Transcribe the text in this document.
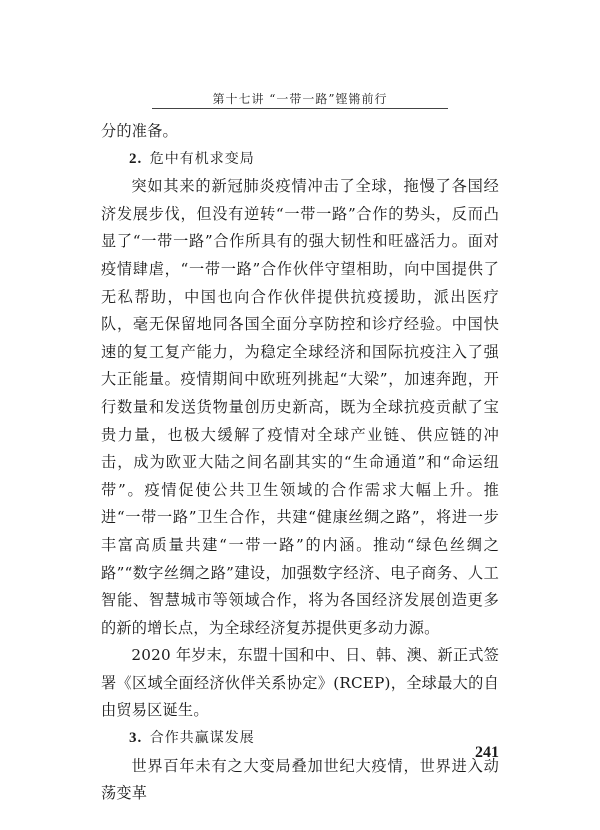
第十七讲 “一带一路”铿锵前行

分的准备。

2. 危中有机求变局

突如其来的新冠肺炎疫情冲击了全球，拖慢了各国经济发展步伐，但没有逆转“一带一路”合作的势头，反而凸显了“一带一路”合作所具有的强大韧性和旺盛活力。面对疫情肆虐，“一带一路”合作伙伴守望相助，向中国提供了无私帮助，中国也向合作伙伴提供抗疫援助，派出医疗队，毫无保留地同各国全面分享防控和诊疗经验。中国快速的复工复产能力，为稳定全球经济和国际抗疫注入了强大正能量。疫情期间中欧班列挑起“大梁”，加速奔跑，开行数量和发送货物量创历史新高，既为全球抗疫贡献了宝贵力量，也极大缓解了疫情对全球产业链、供应链的冲击，成为欧亚大陆之间名副其实的“生命通道”和“命运纽带”。疫情促使公共卫生领域的合作需求大幅上升。推进“一带一路”卫生合作，共建“健康丝绸之路”，将进一步丰富高质量共建“一带一路”的内涵。推动“绿色丝绸之路”“数字丝绸之路”建设，加强数字经济、电子商务、人工智能、智慧城市等领域合作，将为各国经济发展创造更多的新的增长点，为全球经济复苏提供更多动力源。

2020 年岁末，东盟十国和中、日、韩、澳、新正式签署《区域全面经济伙伴关系协定》(RCEP)，全球最大的自由贸易区诞生。

3. 合作共赢谋发展

世界百年未有之大变局叠加世纪大疫情，世界进入动荡变革

241
